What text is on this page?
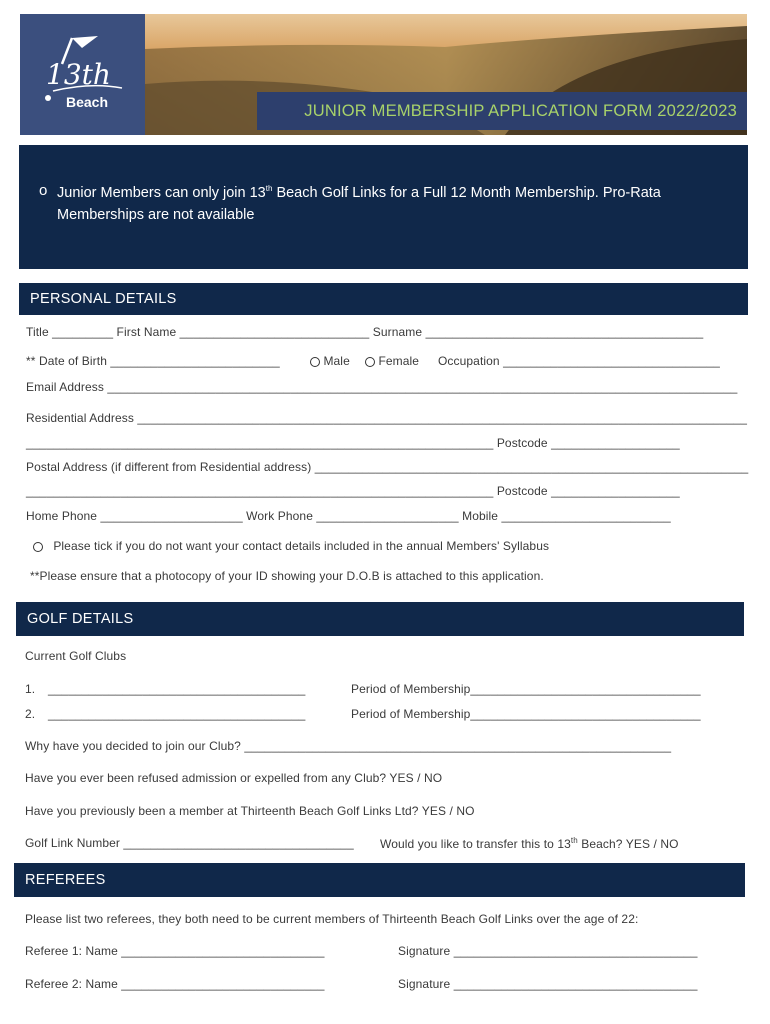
13th
Beach	JUNIOR MEMBERSHIP APPLICATION FORM 2022/2023
o Junior Members can only join 13th Beach Golf Links for a Full 12 Month Membership. Pro-Rata Memberships are not available
PERSONAL DETAILS
Title _________ First Name ____________________________ Surname _________________________________________
** Date of Birth _________________________	Male	Female Occupation ________________________________
Email Address _____________________________________________________________________________________________
Residential Address __________________________________________________________________________________________
_____________________________________________________________________ Postcode ___________________
Postal Address (if different from Residential address) ________________________________________________________________
_____________________________________________________________________ Postcode ___________________
Home Phone _____________________ Work Phone _____________________ Mobile _________________________
Please tick if you do not want your contact details included in the annual Members' Syllabus
**Please ensure that a photocopy of your ID showing your D.O.B is attached to this application.
GOLF DETAILS
Current Golf Clubs
1. ______________________________________	Period of Membership__________________________________
2. ______________________________________	Period of Membership__________________________________
Why have you decided to join our Club? _______________________________________________________________
Have you ever been refused admission or expelled from any Club? YES / NO
Have you previously been a member at Thirteenth Beach Golf Links Ltd? YES / NO
Golf Link Number __________________________________ Would you like to transfer this to 13th Beach? YES / NO
REFEREES
Please list two referees, they both need to be current members of Thirteenth Beach Golf Links over the age of 22:
Referee 1: Name ______________________________	Signature ____________________________________
Referee 2: Name ______________________________	Signature ____________________________________
